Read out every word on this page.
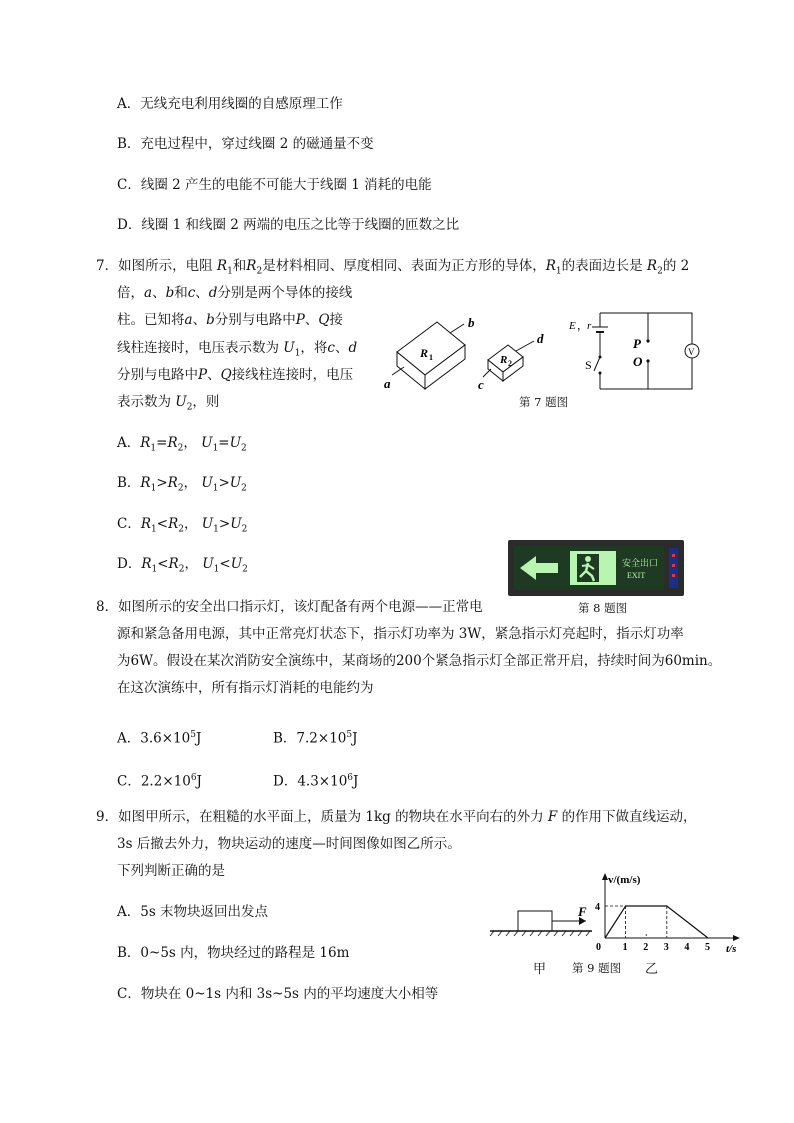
A．无线充电利用线圈的自感原理工作
B．充电过程中，穿过线圈 2 的磁通量不变
C．线圈 2 产生的电能不可能大于线圈 1 消耗的电能
D．线圈 1 和线圈 2 两端的电压之比等于线圈的匝数之比
7．如图所示，电阻 $R_1$和$R_2$是材料相同、厚度相同、表面为正方形的导体，$R_1$的表面边长是 $R_2$的 2
倍，a、b和c、d分别是两个导体的接线
柱。已知将a、b分别与电路中P、Q接
线柱连接时，电压表示数为 $U_1$，将c、d
分别与电路中P、Q接线柱连接时，电压
表示数为 $U_2$，则
b
a
R 1
d
c
R 2
E ， r
S
P
O
V
第 7 题图
A．$R_1=R_2$， $U_1=U_2$
B．$R_1>R_2$， $U_1>U_2$
C．$R_1<R_2$， $U_1>U_2$
D．$R_1<R_2$， $U_1<U_2$
安全出口
EXIT
第 8 题图
8．如图所示的安全出口指示灯，该灯配备有两个电源——正常电
源和紧急备用电源，其中正常亮灯状态下，指示灯功率为 3W，紧急指示灯亮起时，指示灯功率
为6W。假设在某次消防安全演练中，某商场的200个紧急指示灯全部正常开启，持续时间为60min。
在这次演练中，所有指示灯消耗的电能约为
A．$3.6\times 10^5J$	B．$7.2\times 10^5J$
C．$2.2\times 10^6J$	D．$4.3\times 10^6J$
9．如图甲所示，在粗糙的水平面上，质量为 1kg 的物块在水平向右的外力 F 的作用下做直线运动，
3s 后撤去外力，物块运动的速度—时间图像如图乙所示。
下列判断正确的是
A．5s 末物块返回出发点
B．0~5s 内，物块经过的路程是 16m
C．物块在 0~1s 内和 3s~5s 内的平均速度大小相等
F
甲 第 9 题图 乙
v/(m/s)
t/s
0 1 2 3 4 5
4
